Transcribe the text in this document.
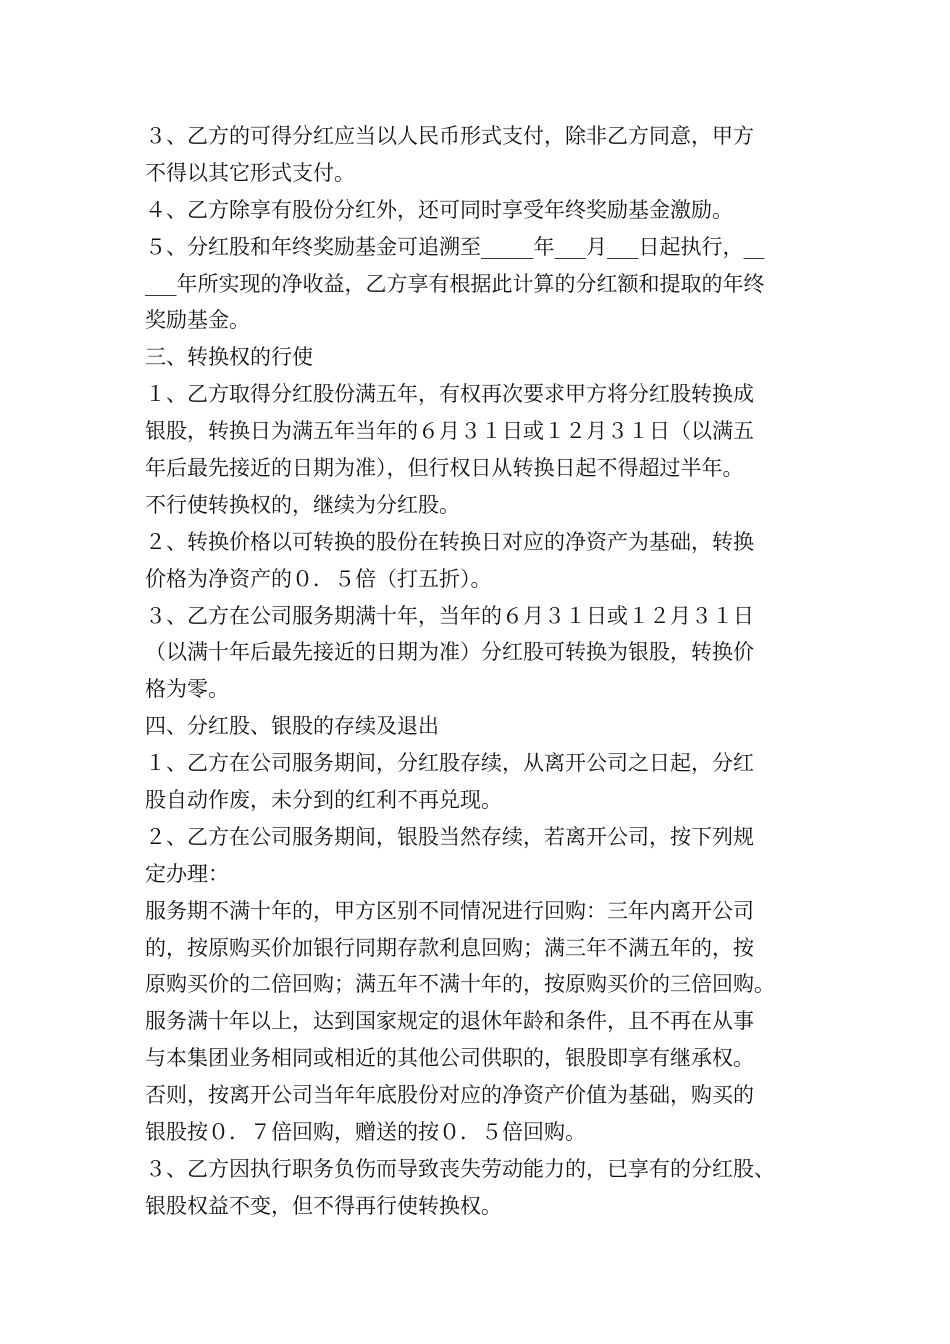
３、乙方的可得分红应当以人民币形式支付，除非乙方同意，甲方
不得以其它形式支付。
４、乙方除享有股份分红外，还可同时享受年终奖励基金激励。
５、分红股和年终奖励基金可追溯至_____年___月___日起执行，__
___年所实现的净收益，乙方享有根据此计算的分红额和提取的年终
奖励基金。
三、转换权的行使
１、乙方取得分红股份满五年，有权再次要求甲方将分红股转换成
银股，转换日为满五年当年的６月３１日或１２月３１日（以满五
年后最先接近的日期为准），但行权日从转换日起不得超过半年。
不行使转换权的，继续为分红股。
２、转换价格以可转换的股份在转换日对应的净资产为基础，转换
价格为净资产的０．５倍（打五折）。
３、乙方在公司服务期满十年，当年的６月３１日或１２月３１日
（以满十年后最先接近的日期为准）分红股可转换为银股，转换价
格为零。
四、分红股、银股的存续及退出
１、乙方在公司服务期间，分红股存续，从离开公司之日起，分红
股自动作废，未分到的红利不再兑现。
２、乙方在公司服务期间，银股当然存续，若离开公司，按下列规
定办理：
服务期不满十年的，甲方区别不同情况进行回购：三年内离开公司
的，按原购买价加银行同期存款利息回购；满三年不满五年的，按
原购买价的二倍回购；满五年不满十年的，按原购买价的三倍回购。
服务满十年以上，达到国家规定的退休年龄和条件，且不再在从事
与本集团业务相同或相近的其他公司供职的，银股即享有继承权。
否则，按离开公司当年年底股份对应的净资产价值为基础，购买的
银股按０．７倍回购，赠送的按０．５倍回购。
３、乙方因执行职务负伤而导致丧失劳动能力的，已享有的分红股、
银股权益不变，但不得再行使转换权。
